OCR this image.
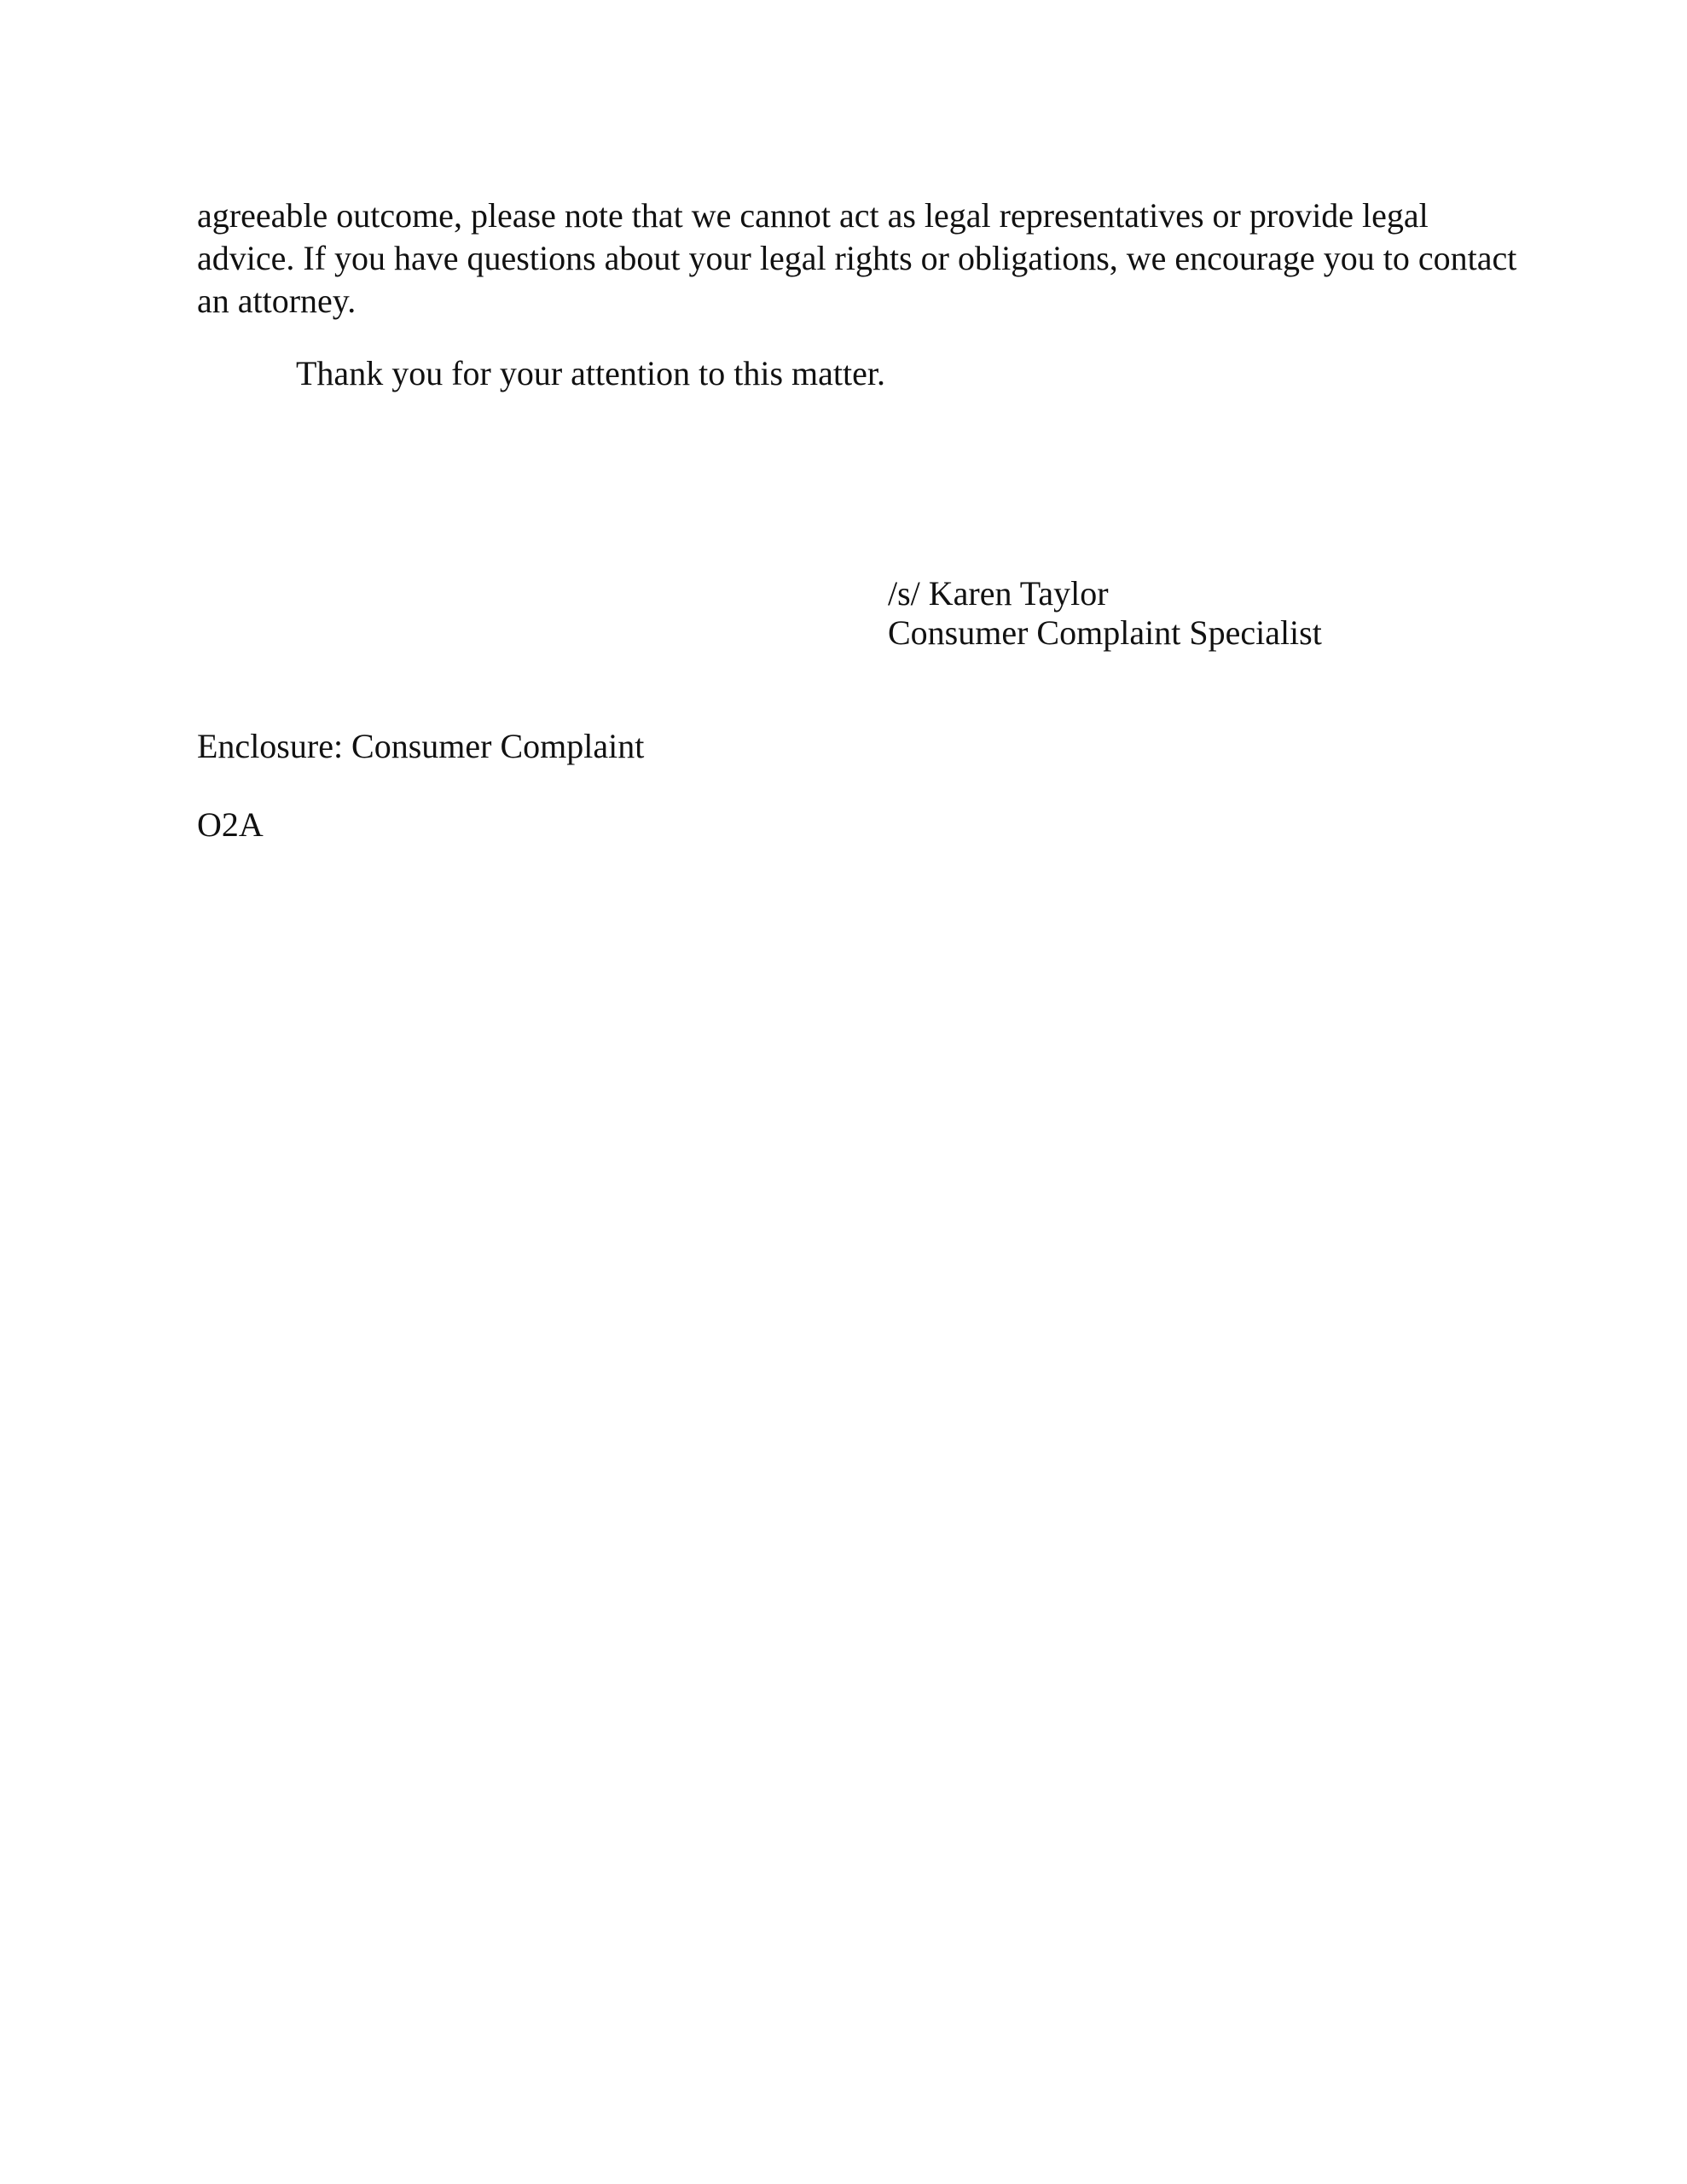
agreeable outcome, please note that we cannot act as legal representatives or provide legal
advice. If you have questions about your legal rights or obligations, we encourage you to contact
an attorney.
Thank you for your attention to this matter.
/s/ Karen Taylor
Consumer Complaint Specialist
Enclosure: Consumer Complaint
O2A
